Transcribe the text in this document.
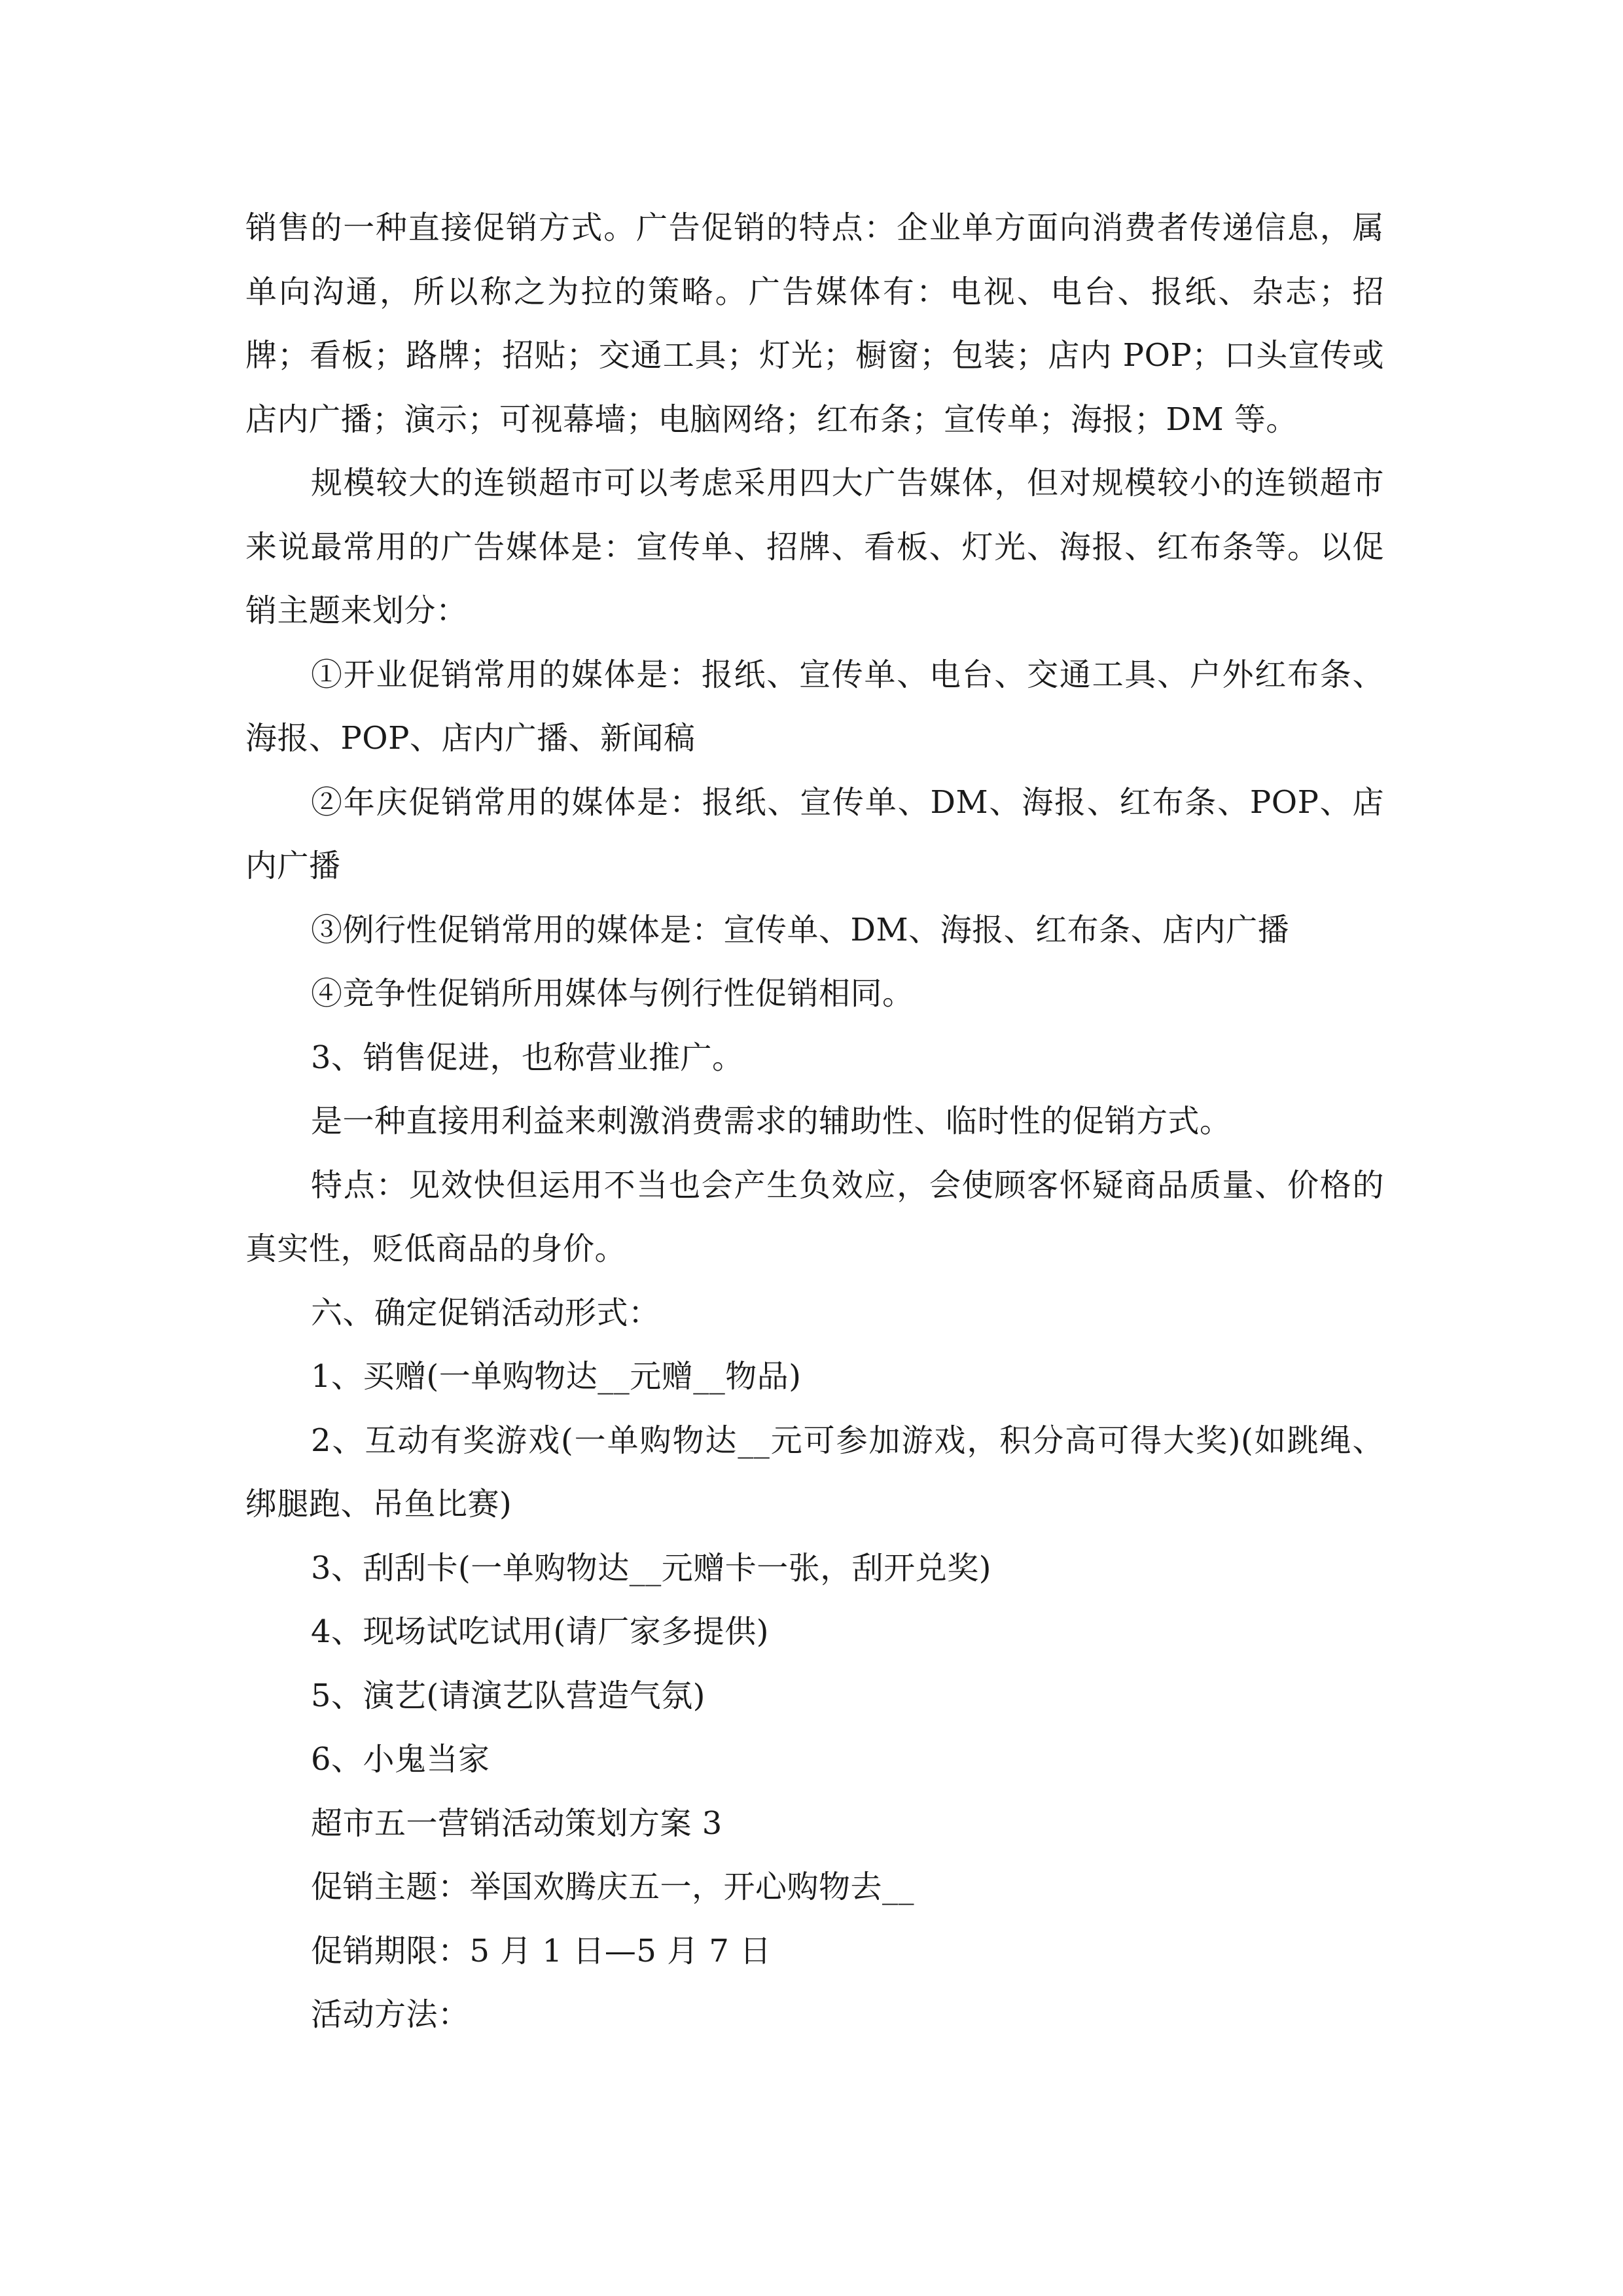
销售的一种直接促销方式。广告促销的特点：企业单方面向消费者传递信息，属单向沟通，所以称之为拉的策略。广告媒体有：电视、电台、报纸、杂志；招牌；看板；路牌；招贴；交通工具；灯光；橱窗；包装；店内 POP；口头宣传或店内广播；演示；可视幕墙；电脑网络；红布条；宣传单；海报；DM 等。

规模较大的连锁超市可以考虑采用四大广告媒体，但对规模较小的连锁超市来说最常用的广告媒体是：宣传单、招牌、看板、灯光、海报、红布条等。以促销主题来划分：

①开业促销常用的媒体是：报纸、宣传单、电台、交通工具、户外红布条、海报、POP、店内广播、新闻稿

②年庆促销常用的媒体是：报纸、宣传单、DM、海报、红布条、POP、店内广播

③例行性促销常用的媒体是：宣传单、DM、海报、红布条、店内广播

④竞争性促销所用媒体与例行性促销相同。

3、销售促进，也称营业推广。

是一种直接用利益来刺激消费需求的辅助性、临时性的促销方式。

特点：见效快但运用不当也会产生负效应，会使顾客怀疑商品质量、价格的真实性，贬低商品的身价。

六、确定促销活动形式：

1、买赠(一单购物达__元赠__物品)

2、互动有奖游戏(一单购物达__元可参加游戏，积分高可得大奖)(如跳绳、绑腿跑、吊鱼比赛)

3、刮刮卡(一单购物达__元赠卡一张，刮开兑奖)

4、现场试吃试用(请厂家多提供)

5、演艺(请演艺队营造气氛)

6、小鬼当家

超市五一营销活动策划方案 3

促销主题：举国欢腾庆五一，开心购物去__

促销期限：5 月 1 日—5 月 7 日

活动方法：
